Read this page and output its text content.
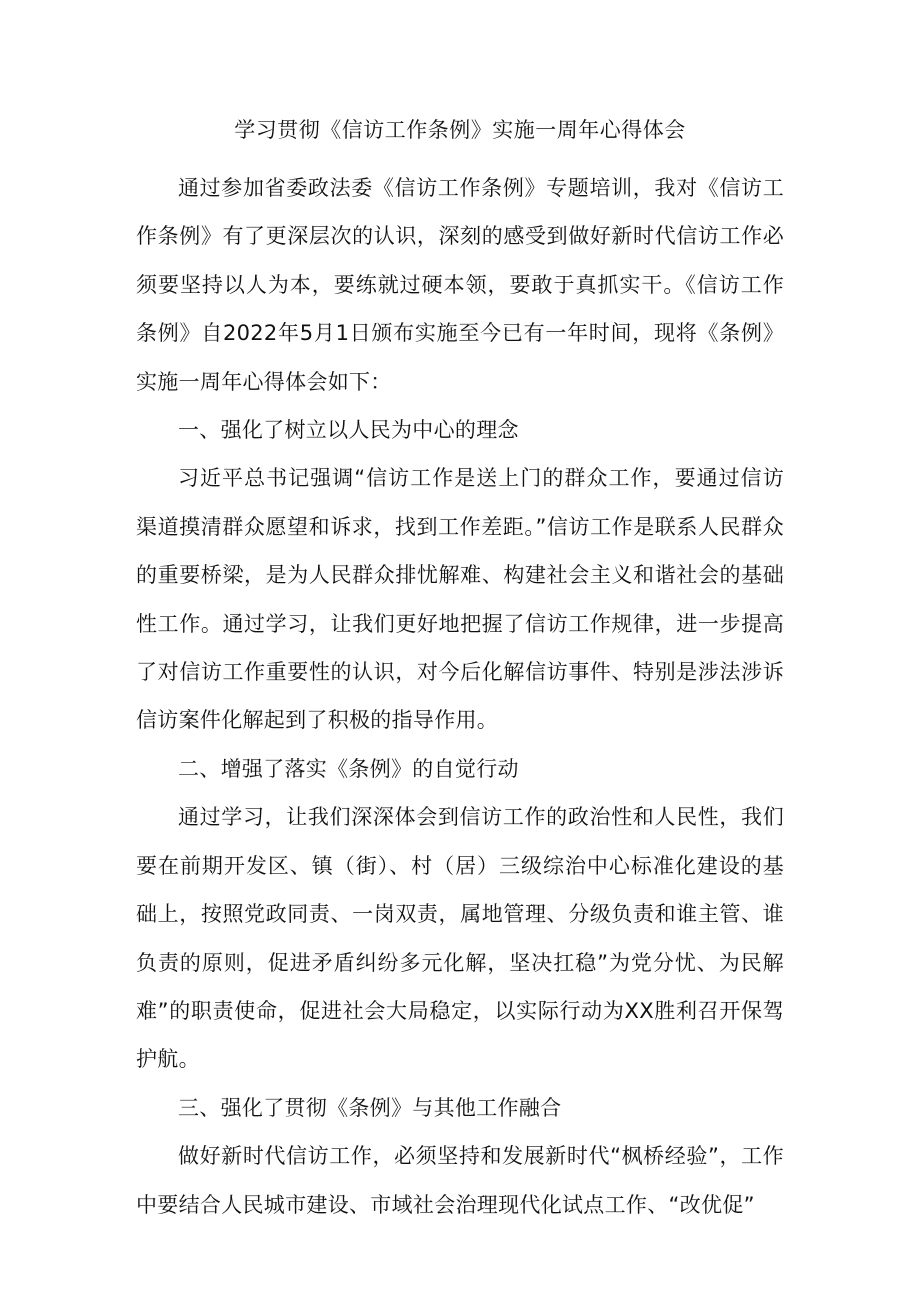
学习贯彻《信访工作条例》实施一周年心得体会

通过参加省委政法委《信访工作条例》专题培训，我对《信访工作条例》有了更深层次的认识，深刻的感受到做好新时代信访工作必须要坚持以人为本，要练就过硬本领，要敢于真抓实干。《信访工作条例》自2022年5月1日颁布实施至今已有一年时间，现将《条例》实施一周年心得体会如下：

一、强化了树立以人民为中心的理念

习近平总书记强调“信访工作是送上门的群众工作，要通过信访渠道摸清群众愿望和诉求，找到工作差距。”信访工作是联系人民群众的重要桥梁，是为人民群众排忧解难、构建社会主义和谐社会的基础性工作。通过学习，让我们更好地把握了信访工作规律，进一步提高了对信访工作重要性的认识，对今后化解信访事件、特别是涉法涉诉信访案件化解起到了积极的指导作用。

二、增强了落实《条例》的自觉行动

通过学习，让我们深深体会到信访工作的政治性和人民性，我们要在前期开发区、镇（街）、村（居）三级综治中心标准化建设的基础上，按照党政同责、一岗双责，属地管理、分级负责和谁主管、谁负责的原则，促进矛盾纠纷多元化解，坚决扛稳”为党分忧、为民解难”的职责使命，促进社会大局稳定，以实际行动为XX胜利召开保驾护航。

三、强化了贯彻《条例》与其他工作融合

做好新时代信访工作，必须坚持和发展新时代“枫桥经验”，工作中要结合人民城市建设、市域社会治理现代化试点工作、“改优促”
